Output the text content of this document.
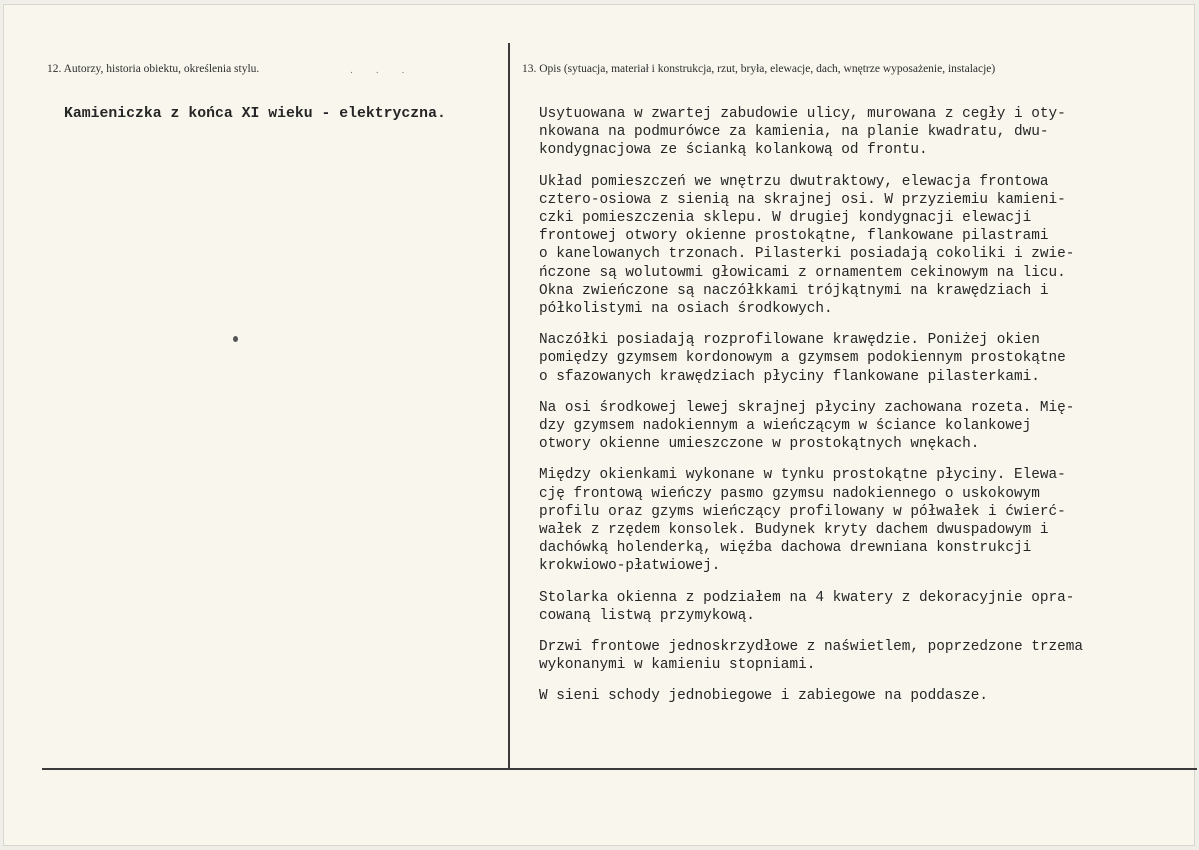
12. Autorzy, historia obiektu, określenia stylu.	. . .	13. Opis (sytuacja, materiał i konstrukcja, rzut, bryła, elewacje, dach, wnętrze wyposażenie, instalacje)
Kamieniczka z końca XI wieku - elektryczna.	Usytuowana w zwartej zabudowie ulicy, murowana z cegły i oty-
nkowana na podmurówce za kamienia, na planie kwadratu, dwu-
kondygnacjowa ze ścianką kolankową od frontu.

Układ pomieszczeń we wnętrzu dwutraktowy, elewacja frontowa
cztero-osiowa z sienią na skrajnej osi. W przyziemiu kamieni-
czki pomieszczenia sklepu. W drugiej kondygnacji elewacji
frontowej otwory okienne prostokątne, flankowane pilastrami
o kanelowanych trzonach. Pilasterki posiadają cokoliki i zwie-
ńczone są wolutowmi głowicami z ornamentem cekinowym na licu.
Okna zwieńczone są naczółkkami trójkątnymi na krawędziach i
półkolistymi na osiach środkowych.

Naczółki posiadają rozprofilowane krawędzie. Poniżej okien
pomiędzy gzymsem kordonowym a gzymsem podokiennym prostokątne
o sfazowanych krawędziach płyciny flankowane pilasterkami.

Na osi środkowej lewej skrajnej płyciny zachowana rozeta. Mię-
dzy gzymsem nadokiennym a wieńczącym w ściance kolankowej
otwory okienne umieszczone w prostokątnych wnękach.

Między okienkami wykonane w tynku prostokątne płyciny. Elewa-
cję frontową wieńczy pasmo gzymsu nadokiennego o uskokowym
profilu oraz gzyms wieńczący profilowany w półwałek i ćwierć-
wałek z rzędem konsolek. Budynek kryty dachem dwuspadowym i
dachówką holenderką, więźba dachowa drewniana konstrukcji
krokwiowo-płatwiowej.

Stolarka okienna z podziałem na 4 kwatery z dekoracyjnie opra-
cowaną listwą przymykową.

Drzwi frontowe jednoskrzydłowe z naświetlem, poprzedzone trzema
wykonanymi w kamieniu stopniami.

W sieni schody jednobiegowe i zabiegowe na poddasze.
